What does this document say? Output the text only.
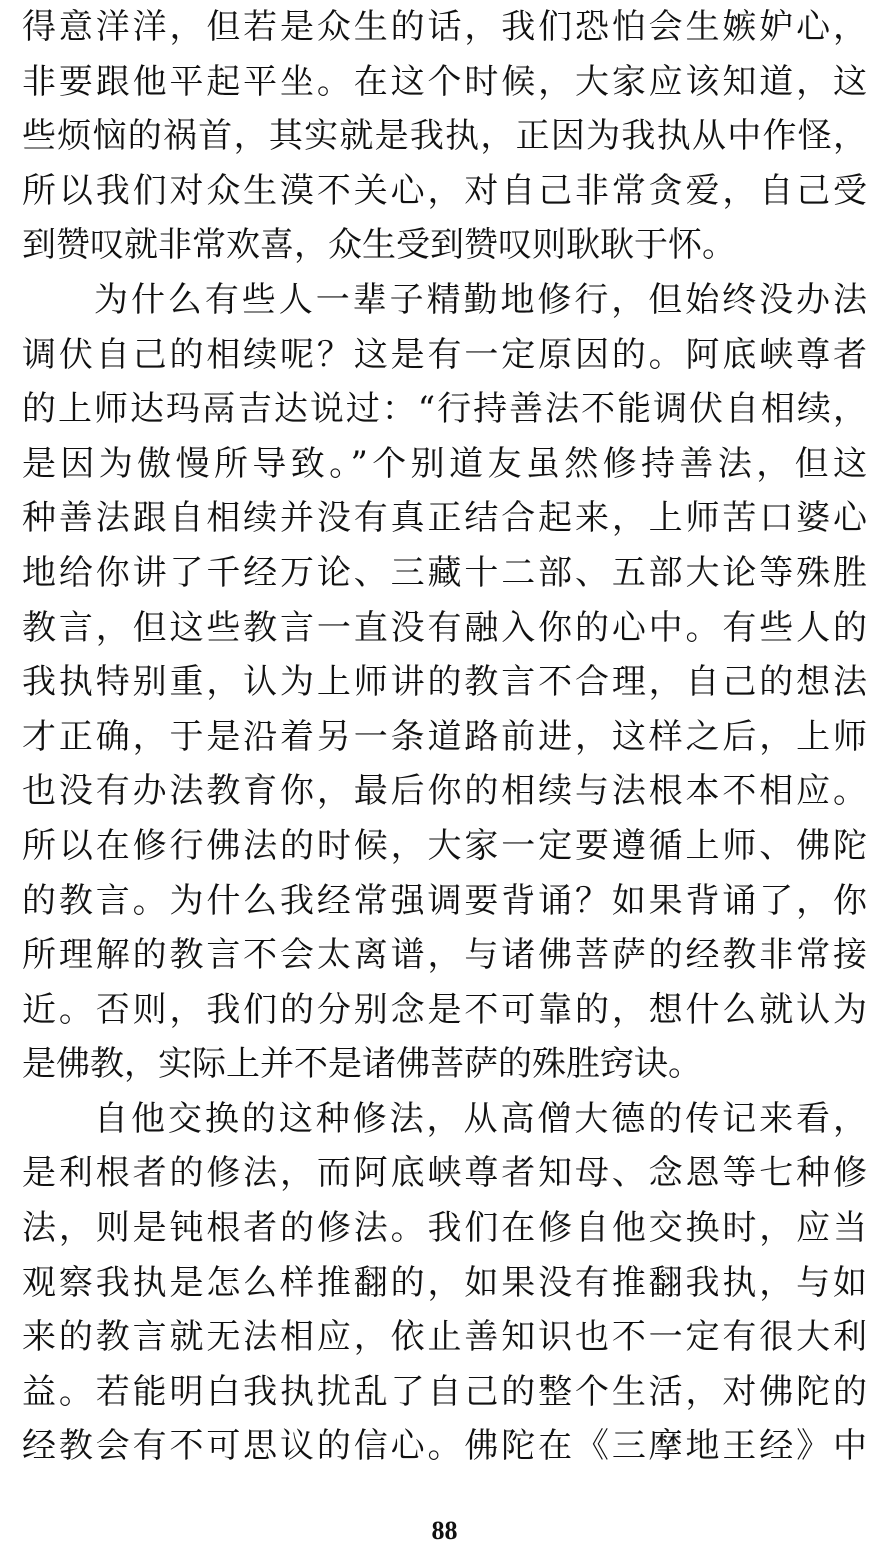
得意洋洋，但若是众生的话，我们恐怕会生嫉妒心，
非要跟他平起平坐。在这个时候，大家应该知道，这
些烦恼的祸首，其实就是我执，正因为我执从中作怪，
所以我们对众生漠不关心，对自己非常贪爱，自己受
到赞叹就非常欢喜，众生受到赞叹则耿耿于怀。
为什么有些人一辈子精勤地修行，但始终没办法
调伏自己的相续呢？这是有一定原因的。阿底峡尊者
的上师达玛鬲吉达说过：“行持善法不能调伏自相续，
是因为傲慢所导致。”个别道友虽然修持善法，但这
种善法跟自相续并没有真正结合起来，上师苦口婆心
地给你讲了千经万论、三藏十二部、五部大论等殊胜
教言，但这些教言一直没有融入你的心中。有些人的
我执特别重，认为上师讲的教言不合理，自己的想法
才正确，于是沿着另一条道路前进，这样之后，上师
也没有办法教育你，最后你的相续与法根本不相应。
所以在修行佛法的时候，大家一定要遵循上师、佛陀
的教言。为什么我经常强调要背诵？如果背诵了，你
所理解的教言不会太离谱，与诸佛菩萨的经教非常接
近。否则，我们的分别念是不可靠的，想什么就认为
是佛教，实际上并不是诸佛菩萨的殊胜窍诀。
自他交换的这种修法，从高僧大德的传记来看，
是利根者的修法，而阿底峡尊者知母、念恩等七种修
法，则是钝根者的修法。我们在修自他交换时，应当
观察我执是怎么样推翻的，如果没有推翻我执，与如
来的教言就无法相应，依止善知识也不一定有很大利
益。若能明白我执扰乱了自己的整个生活，对佛陀的
经教会有不可思议的信心。佛陀在《三摩地王经》中
88
